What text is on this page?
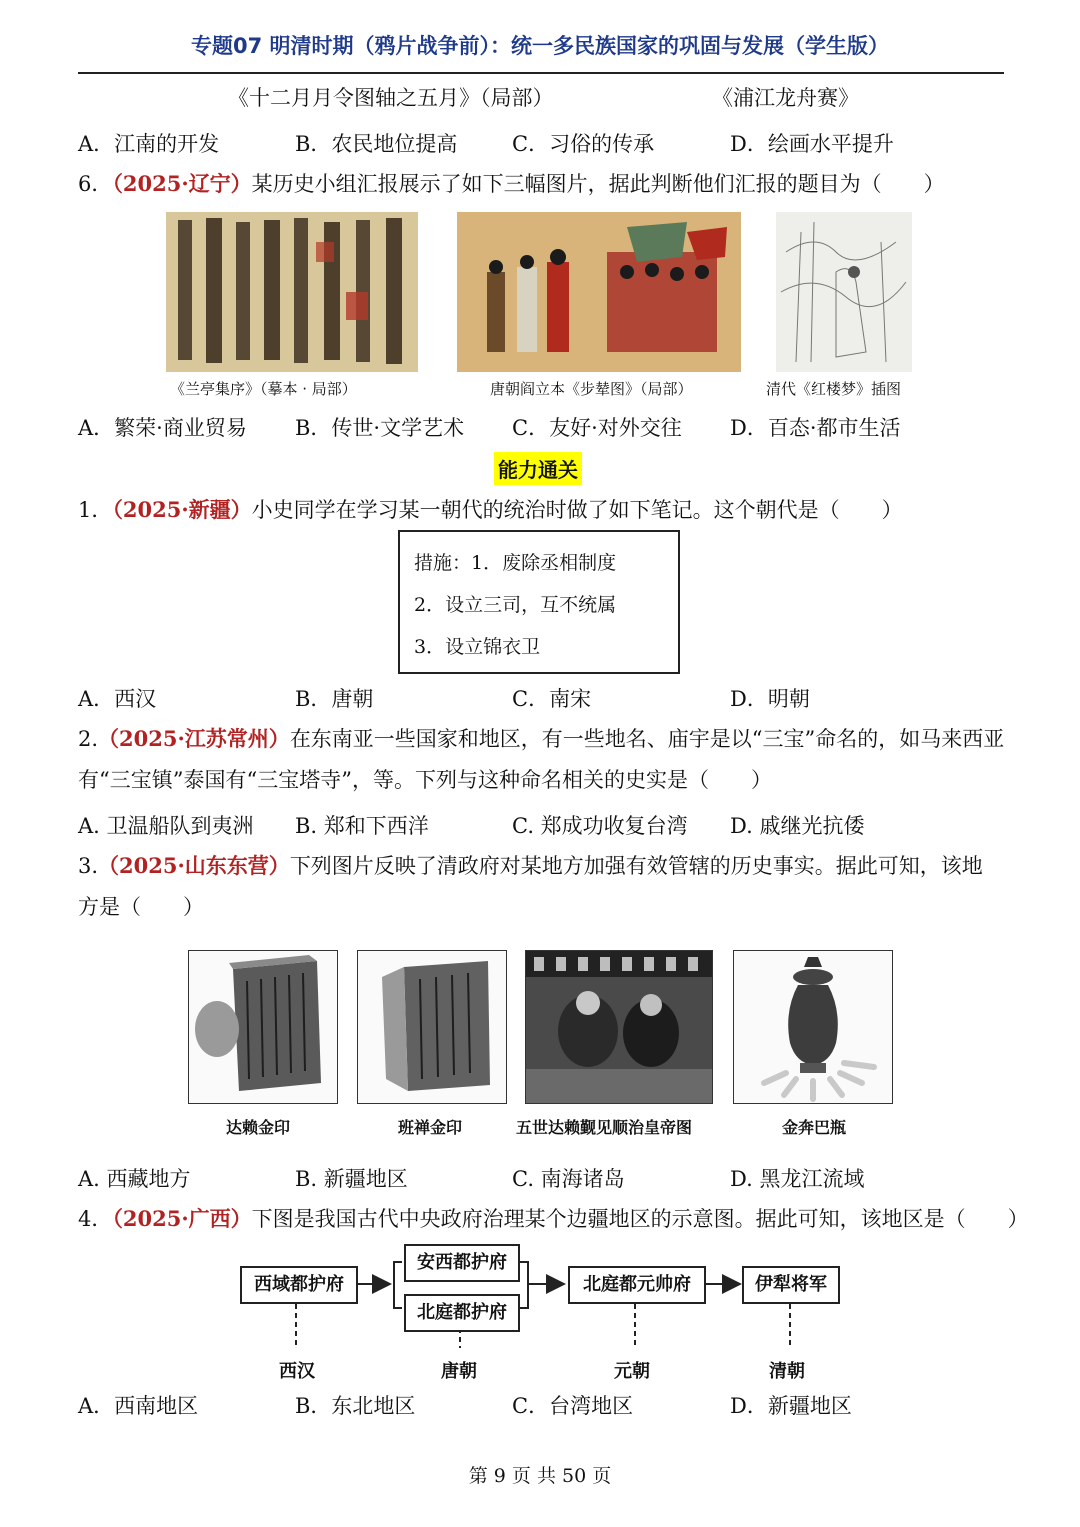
专题07 明清时期（鸦片战争前）：统一多民族国家的巩固与发展（学生版）
《十二月月令图轴之五月》（局部）	《浦江龙舟赛》
A．江南的开发	B．农民地位提高	C．习俗的传承	D．绘画水平提升
6．（2025·辽宁）某历史小组汇报展示了如下三幅图片，据此判断他们汇报的题目为（　　）
《兰亭集序》（摹本 · 局部）	唐朝阎立本《步辇图》（局部）	清代《红楼梦》插图
A．繁荣·商业贸易 B．传世·文学艺术 C．友好·对外交往 D．百态·都市生活
能力通关
1．（2025·新疆）小史同学在学习某一朝代的统治时做了如下笔记。这个朝代是（　　）
措施：1．废除丞相制度
2．设立三司，互不统属
3．设立锦衣卫
A．西汉	B．唐朝	C．南宋	D．明朝
2.（2025·江苏常州）在东南亚一些国家和地区，有一些地名、庙宇是以“三宝”命名的，如马来西亚
有“三宝镇”泰国有“三宝塔寺”，等。下列与这种命名相关的史实是（　　）
A. 卫温船队到夷洲 B. 郑和下西洋	C. 郑成功收复台湾 D. 戚继光抗倭
3.（2025·山东东营）下列图片反映了清政府对某地方加强有效管辖的历史事实。据此可知，该地
方是（　　）
达赖金印	班禅金印	五世达赖觐见顺治皇帝图	金奔巴瓶
A. 西藏地方	B. 新疆地区	C. 南海诸岛	D. 黑龙江流域
4．（2025·广西）下图是我国古代中央政府治理某个边疆地区的示意图。据此可知，该地区是（　　）
西域都护府
安西都护府
北庭都护府
北庭都元帅府	伊犁将军
西汉	唐朝	元朝	清朝
A．西南地区	B．东北地区	C．台湾地区	D．新疆地区
第 9 页 共 50 页
